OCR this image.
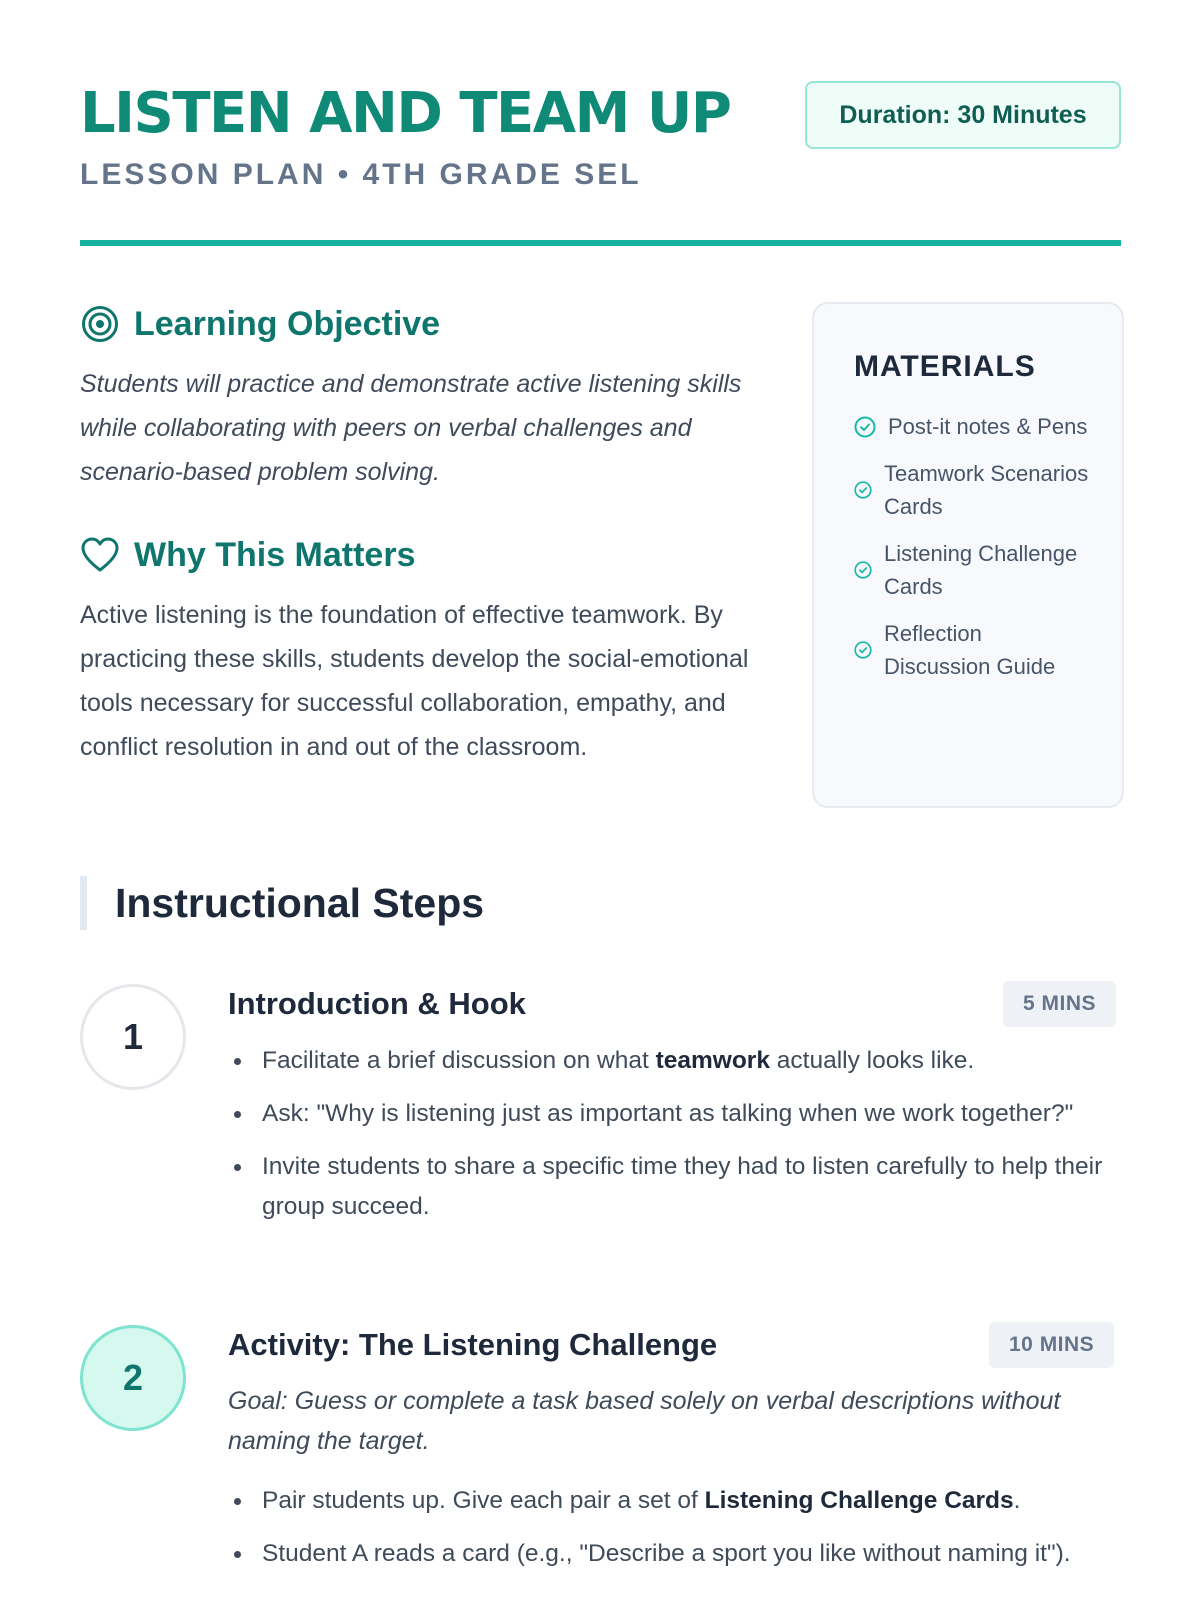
LISTEN AND TEAM UP
LESSON PLAN • 4TH GRADE SEL
Duration: 30 Minutes
Learning Objective

Students will practice and demonstrate active listening skills while collaborating with peers on verbal challenges and scenario-based problem solving.

Why This Matters

Active listening is the foundation of effective teamwork. By practicing these skills, students develop the social-emotional tools necessary for successful collaboration, empathy, and conflict resolution in and out of the classroom.

MATERIALS
Post-it notes & Pens
Teamwork Scenarios Cards
Listening Challenge Cards
Reflection Discussion Guide
Instructional Steps
1
Introduction & Hook	5 MINS
Facilitate a brief discussion on what teamwork actually looks like.
Ask: "Why is listening just as important as talking when we work together?"
Invite students to share a specific time they had to listen carefully to help their group succeed.
2
Activity: The Listening Challenge	10 MINS

Goal: Guess or complete a task based solely on verbal descriptions without naming the target.

Pair students up. Give each pair a set of Listening Challenge Cards.
Student A reads a card (e.g., "Describe a sport you like without naming it").
